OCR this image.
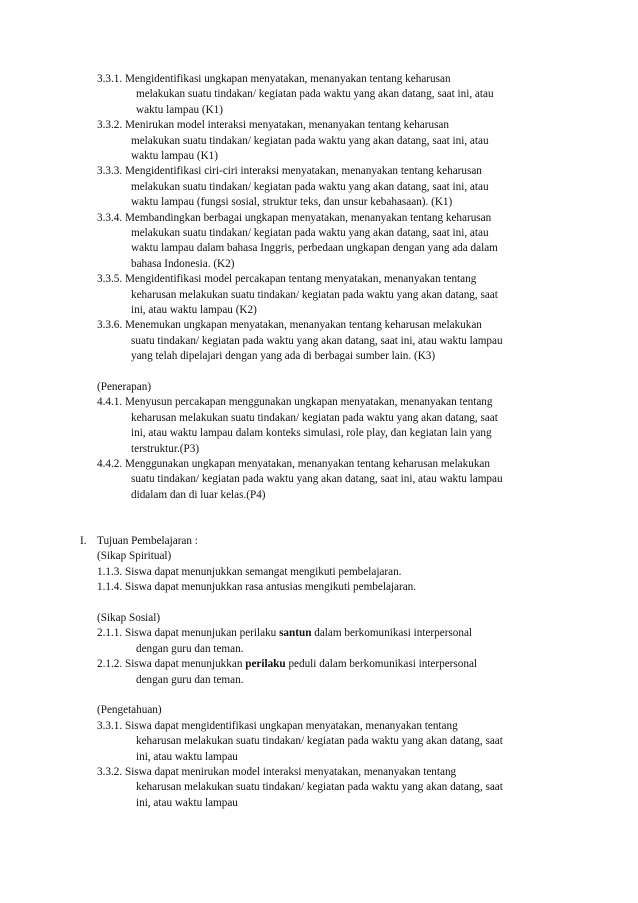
3.3.1. Mengidentifikasi ungkapan menyatakan, menanyakan tentang keharusan
melakukan suatu tindakan/ kegiatan pada waktu yang akan datang, saat ini, atau
waktu lampau (K1)
3.3.2. Menirukan model interaksi menyatakan, menanyakan tentang keharusan
melakukan suatu tindakan/ kegiatan pada waktu yang akan datang, saat ini, atau
waktu lampau (K1)
3.3.3. Mengidentifikasi ciri-ciri interaksi menyatakan, menanyakan tentang keharusan
melakukan suatu tindakan/ kegiatan pada waktu yang akan datang, saat ini, atau
waktu lampau (fungsi sosial, struktur teks, dan unsur kebahasaan). (K1)
3.3.4. Membandingkan berbagai ungkapan menyatakan, menanyakan tentang keharusan
melakukan suatu tindakan/ kegiatan pada waktu yang akan datang, saat ini, atau
waktu lampau dalam bahasa Inggris, perbedaan ungkapan dengan yang ada dalam
bahasa Indonesia. (K2)
3.3.5. Mengidentifikasi model percakapan tentang menyatakan, menanyakan tentang
keharusan melakukan suatu tindakan/ kegiatan pada waktu yang akan datang, saat
ini, atau waktu lampau (K2)
3.3.6. Menemukan ungkapan menyatakan, menanyakan tentang keharusan melakukan
suatu tindakan/ kegiatan pada waktu yang akan datang, saat ini, atau waktu lampau
yang telah dipelajari dengan yang ada di berbagai sumber lain. (K3)
(Penerapan)
4.4.1. Menyusun percakapan menggunakan ungkapan menyatakan, menanyakan tentang
keharusan melakukan suatu tindakan/ kegiatan pada waktu yang akan datang, saat
ini, atau waktu lampau dalam konteks simulasi, role play, dan kegiatan lain yang
terstruktur.(P3)
4.4.2. Menggunakan ungkapan menyatakan, menanyakan tentang keharusan melakukan
suatu tindakan/ kegiatan pada waktu yang akan datang, saat ini, atau waktu lampau
didalam dan di luar kelas.(P4)
I. Tujuan Pembelajaran :
(Sikap Spiritual)
1.1.3. Siswa dapat menunjukkan semangat mengikuti pembelajaran.
1.1.4. Siswa dapat menunjukkan rasa antusias mengikuti pembelajaran.
(Sikap Sosial)
2.1.1. Siswa dapat menunjukan perilaku santun dalam berkomunikasi interpersonal
dengan guru dan teman.
2.1.2. Siswa dapat menunjukkan perilaku peduli dalam berkomunikasi interpersonal
dengan guru dan teman.
(Pengetahuan)
3.3.1. Siswa dapat mengidentifikasi ungkapan menyatakan, menanyakan tentang
keharusan melakukan suatu tindakan/ kegiatan pada waktu yang akan datang, saat
ini, atau waktu lampau
3.3.2. Siswa dapat menirukan model interaksi menyatakan, menanyakan tentang
keharusan melakukan suatu tindakan/ kegiatan pada waktu yang akan datang, saat
ini, atau waktu lampau
